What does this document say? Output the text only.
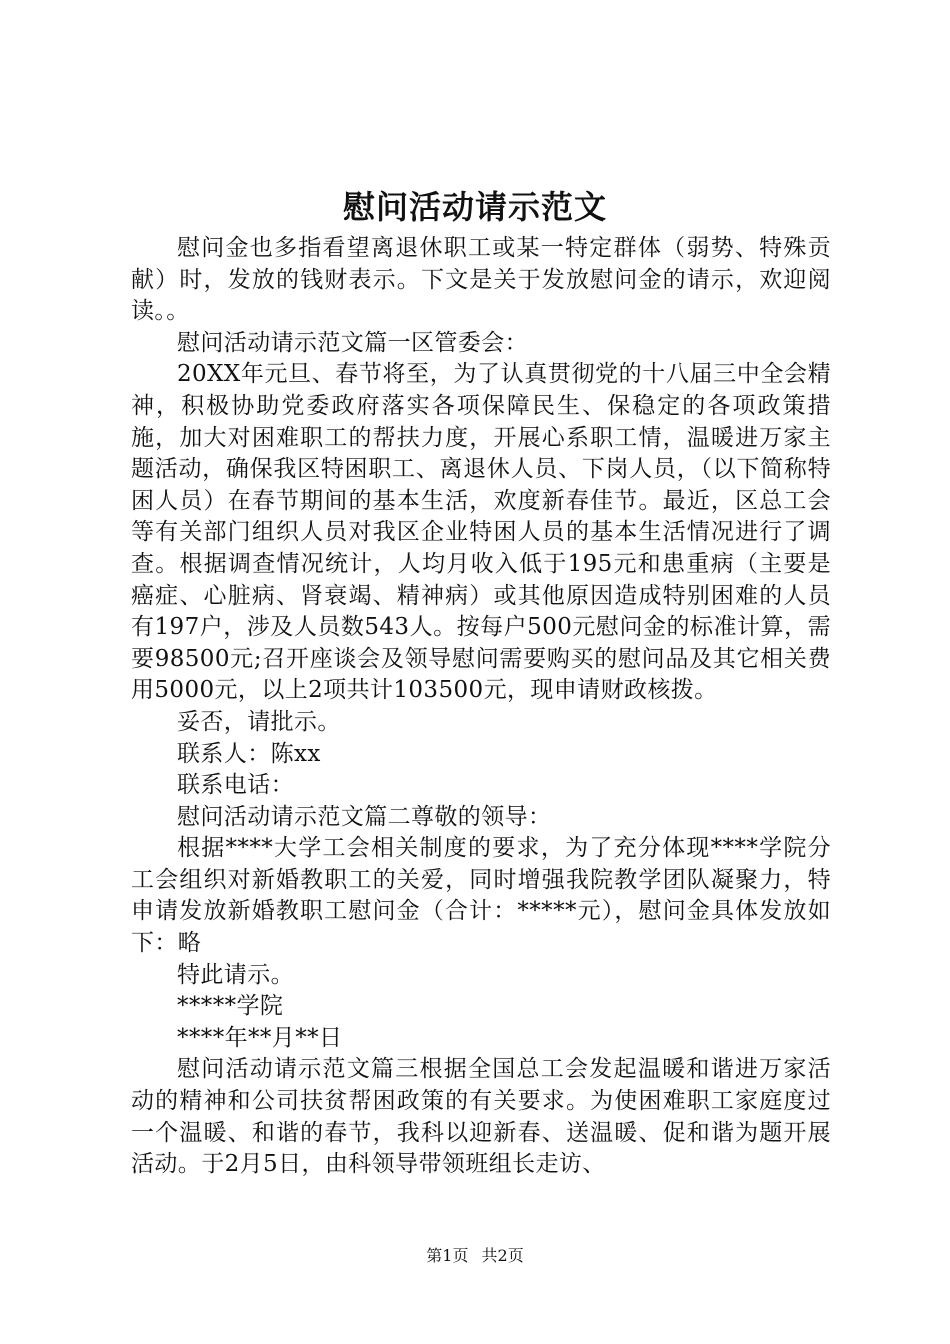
慰问活动请示范文

慰问金也多指看望离退休职工或某一特定群体（弱势、特殊贡献）时，发放的钱财表示。下文是关于发放慰问金的请示，欢迎阅读。。

慰问活动请示范文篇一区管委会：

20XX年元旦、春节将至，为了认真贯彻党的十八届三中全会精神，积极协助党委政府落实各项保障民生、保稳定的各项政策措施，加大对困难职工的帮扶力度，开展心系职工情，温暖进万家主题活动，确保我区特困职工、离退休人员、下岗人员，（以下简称特困人员）在春节期间的基本生活，欢度新春佳节。最近，区总工会等有关部门组织人员对我区企业特困人员的基本生活情况进行了调查。根据调查情况统计，人均月收入低于195元和患重病（主要是癌症、心脏病、肾衰竭、精神病）或其他原因造成特别困难的人员有197户，涉及人员数543人。按每户500元慰问金的标准计算，需要98500元;召开座谈会及领导慰问需要购买的慰问品及其它相关费用5000元，以上2项共计103500元，现申请财政核拨。

妥否，请批示。

联系人：陈xx

联系电话：

慰问活动请示范文篇二尊敬的领导：

根据****大学工会相关制度的要求，为了充分体现****学院分工会组织对新婚教职工的关爱，同时增强我院教学团队凝聚力，特申请发放新婚教职工慰问金（合计：*****元），慰问金具体发放如下：略

特此请示。

*****学院

****年**月**日

慰问活动请示范文篇三根据全国总工会发起温暖和谐进万家活动的精神和公司扶贫帮困政策的有关要求。为使困难职工家庭度过一个温暖、和谐的春节，我科以迎新春、送温暖、促和谐为题开展活动。于2月5日，由科领导带领班组长走访、

第1页 共2页
